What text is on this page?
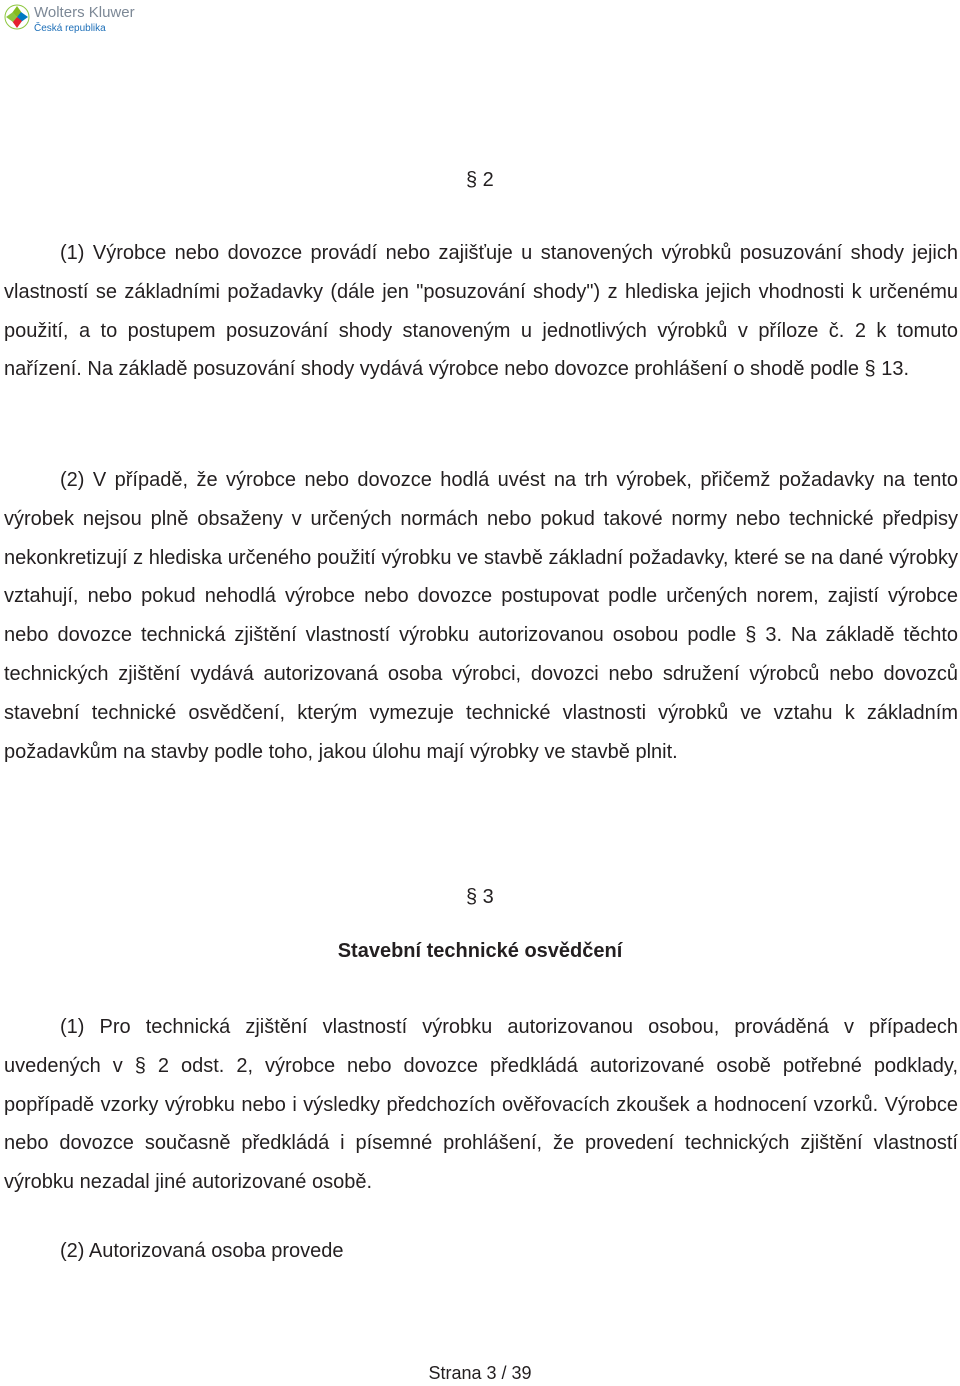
Wolters Kluwer
Česká republika
§ 2
(1) Výrobce nebo dovozce provádí nebo zajišťuje u stanovených výrobků posuzování shody jejich vlastností se základními požadavky (dále jen "posuzování shody") z hlediska jejich vhodnosti k určenému použití, a to postupem posuzování shody stanoveným u jednotlivých výrobků v příloze č. 2 k tomuto nařízení. Na základě posuzování shody vydává výrobce nebo dovozce prohlášení o shodě podle § 13.
(2) V případě, že výrobce nebo dovozce hodlá uvést na trh výrobek, přičemž požadavky na tento výrobek nejsou plně obsaženy v určených normách nebo pokud takové normy nebo technické předpisy nekonkretizují z hlediska určeného použití výrobku ve stavbě základní požadavky, které se na dané výrobky vztahují, nebo pokud nehodlá výrobce nebo dovozce postupovat podle určených norem, zajistí výrobce nebo dovozce technická zjištění vlastností výrobku autorizovanou osobou podle § 3. Na základě těchto technických zjištění vydává autorizovaná osoba výrobci, dovozci nebo sdružení výrobců nebo dovozců stavební technické osvědčení, kterým vymezuje technické vlastnosti výrobků ve vztahu k základním požadavkům na stavby podle toho, jakou úlohu mají výrobky ve stavbě plnit.
§ 3
Stavební technické osvědčení
(1) Pro technická zjištění vlastností výrobku autorizovanou osobou, prováděná v případech uvedených v § 2 odst. 2, výrobce nebo dovozce předkládá autorizované osobě potřebné podklady, popřípadě vzorky výrobku nebo i výsledky předchozích ověřovacích zkoušek a hodnocení vzorků. Výrobce nebo dovozce současně předkládá i písemné prohlášení, že provedení technických zjištění vlastností výrobku nezadal jiné autorizované osobě.
(2) Autorizovaná osoba provede
Strana 3 / 39
